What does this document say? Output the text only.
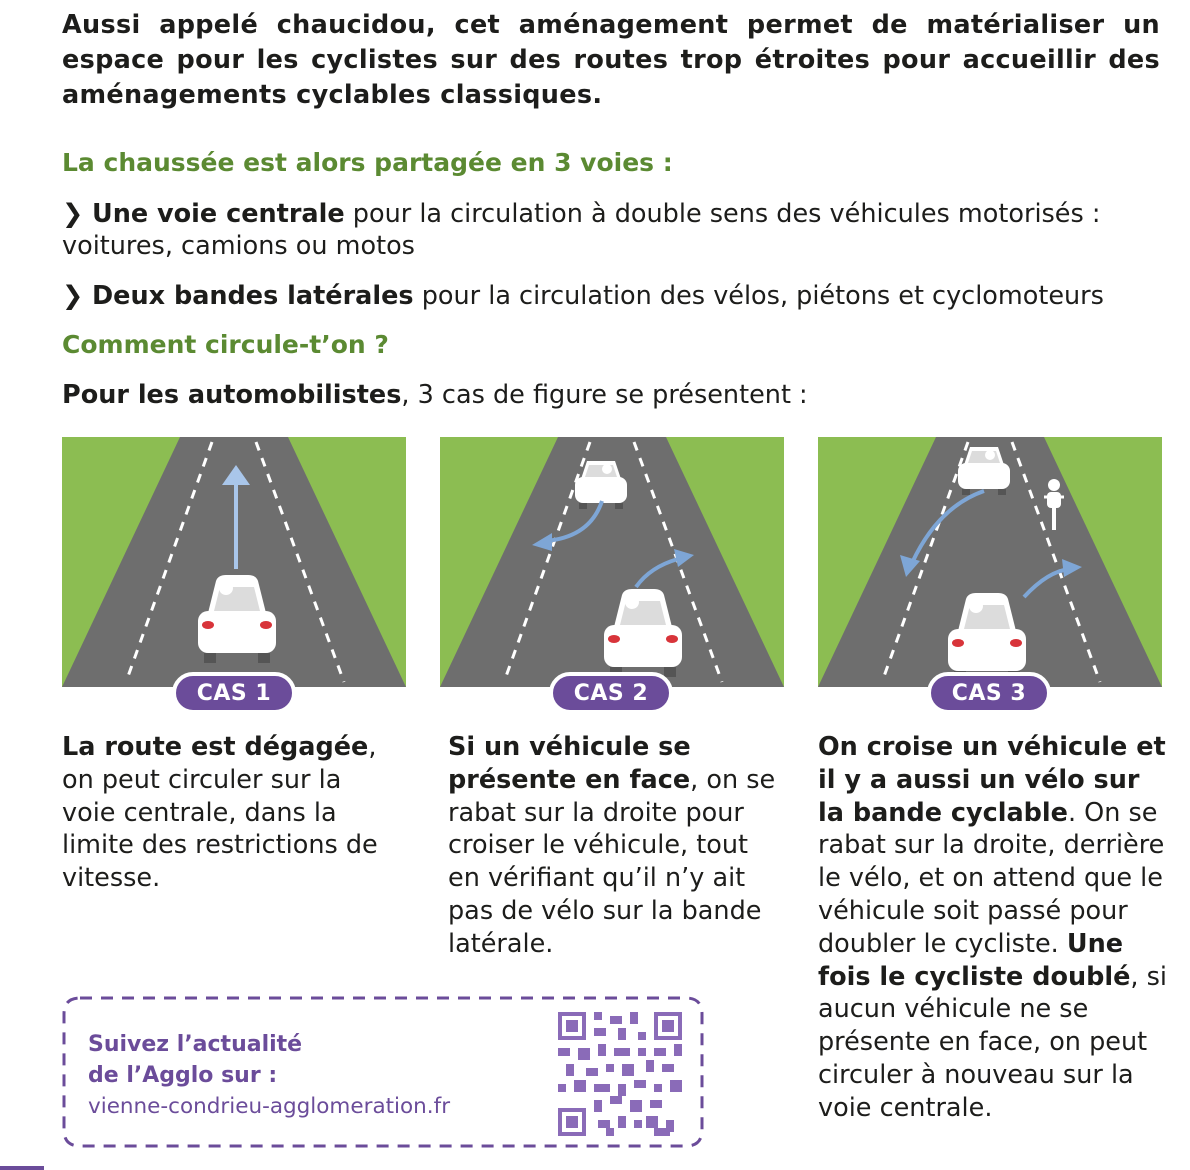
Aussi appelé chaucidou, cet aménagement permet de matérialiser un espace pour les cyclistes sur des routes trop étroites pour accueillir des aménagements cyclables classiques.

La chaussée est alors partagée en 3 voies :

❯ Une voie centrale pour la circulation à double sens des véhicules motorisés : voitures, camions ou motos

❯ Deux bandes latérales pour la circulation des vélos, piétons et cyclomoteurs

Comment circule-t’on ?

Pour les automobilistes, 3 cas de figure se présentent :

CAS 1	CAS 2	CAS 3

La route est dégagée, on peut circuler sur la voie centrale, dans la limite des restrictions de vitesse.

Si un véhicule se présente en face, on se rabat sur la droite pour croiser le véhicule, tout en vérifiant qu’il n’y ait pas de vélo sur la bande latérale.

On croise un véhicule et il y a aussi un vélo sur la bande cyclable. On se rabat sur la droite, derrière le vélo, et on attend que le véhicule soit passé pour doubler le cycliste. Une fois le cycliste doublé, si aucun véhicule ne se présente en face, on peut circuler à nouveau sur la voie centrale.

Suivez l’actualité
de l’Agglo sur :
vienne-condrieu-agglomeration.fr
